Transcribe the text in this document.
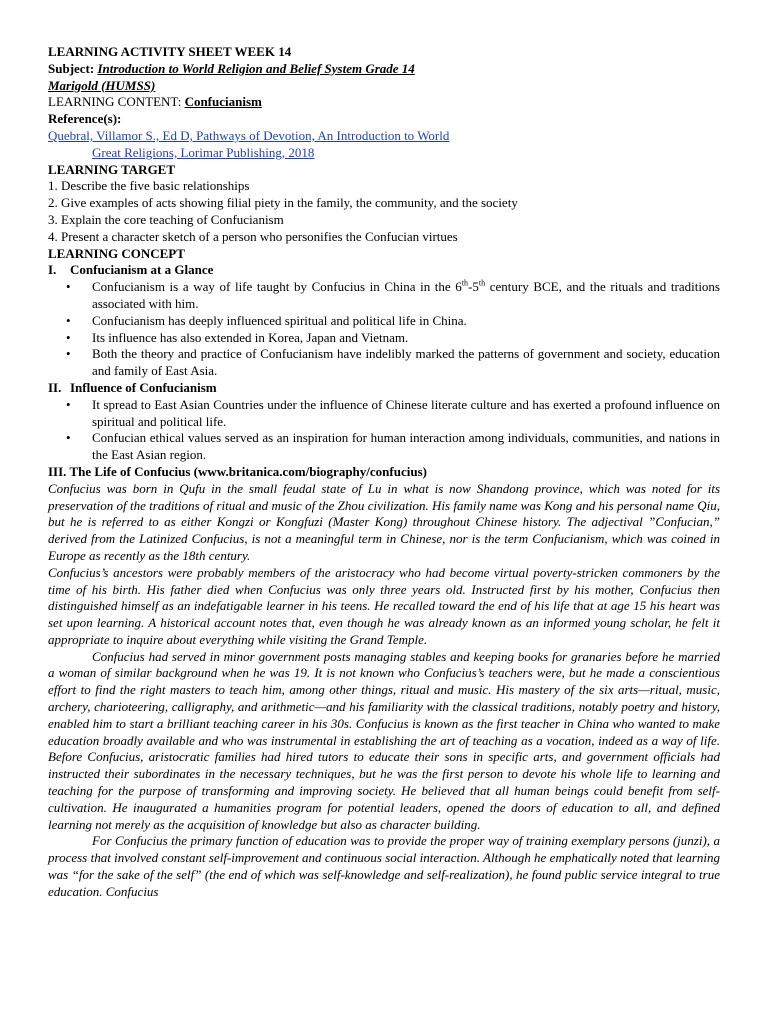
LEARNING ACTIVITY SHEET WEEK 14
Subject: Introduction to World Religion and Belief System Grade 14
Marigold (HUMSS)
LEARNING CONTENT: Confucianism
Reference(s):
Quebral, Villamor S., Ed D, Pathways of Devotion, An Introduction to World
Great Religions, Lorimar Publishing, 2018
LEARNING TARGET
1. Describe the five basic relationships
2. Give examples of acts showing filial piety in the family, the community, and the society
3. Explain the core teaching of Confucianism
4. Present a character sketch of a person who personifies the Confucian virtues
LEARNING CONCEPT
I. Confucianism at a Glance
• Confucianism is a way of life taught by Confucius in China in the 6th-5th century BCE, and the rituals and traditions associated with him.
• Confucianism has deeply influenced spiritual and political life in China.
• Its influence has also extended in Korea, Japan and Vietnam.
• Both the theory and practice of Confucianism have indelibly marked the patterns of government and society, education and family of East Asia.
II. Influence of Confucianism
• It spread to East Asian Countries under the influence of Chinese literate culture and has exerted a profound influence on spiritual and political life.
• Confucian ethical values served as an inspiration for human interaction among individuals, communities, and nations in the East Asian region.
III. The Life of Confucius (www.britanica.com/biography/confucius)
Confucius was born in Qufu in the small feudal state of Lu in what is now Shandong province, which was noted for its preservation of the traditions of ritual and music of the Zhou civilization. His family name was Kong and his personal name Qiu, but he is referred to as either Kongzi or Kongfuzi (Master Kong) throughout Chinese history. The adjectival ”Confucian,” derived from the Latinized Confucius, is not a meaningful term in Chinese, nor is the term Confucianism, which was coined in Europe as recently as the 18th century.
Confucius’s ancestors were probably members of the aristocracy who had become virtual poverty-stricken commoners by the time of his birth. His father died when Confucius was only three years old. Instructed first by his mother, Confucius then distinguished himself as an indefatigable learner in his teens. He recalled toward the end of his life that at age 15 his heart was set upon learning. A historical account notes that, even though he was already known as an informed young scholar, he felt it appropriate to inquire about everything while visiting the Grand Temple.
Confucius had served in minor government posts managing stables and keeping books for granaries before he married a woman of similar background when he was 19. It is not known who Confucius’s teachers were, but he made a conscientious effort to find the right masters to teach him, among other things, ritual and music. His mastery of the six arts—ritual, music, archery, charioteering, calligraphy, and arithmetic—and his familiarity with the classical traditions, notably poetry and history, enabled him to start a brilliant teaching career in his 30s. Confucius is known as the first teacher in China who wanted to make education broadly available and who was instrumental in establishing the art of teaching as a vocation, indeed as a way of life. Before Confucius, aristocratic families had hired tutors to educate their sons in specific arts, and government officials had instructed their subordinates in the necessary techniques, but he was the first person to devote his whole life to learning and teaching for the purpose of transforming and improving society. He believed that all human beings could benefit from self-cultivation. He inaugurated a humanities program for potential leaders, opened the doors of education to all, and defined learning not merely as the acquisition of knowledge but also as character building.
For Confucius the primary function of education was to provide the proper way of training exemplary persons (junzi), a process that involved constant self-improvement and continuous social interaction. Although he emphatically noted that learning was “for the sake of the self” (the end of which was self-knowledge and self-realization), he found public service integral to true education. Confucius
